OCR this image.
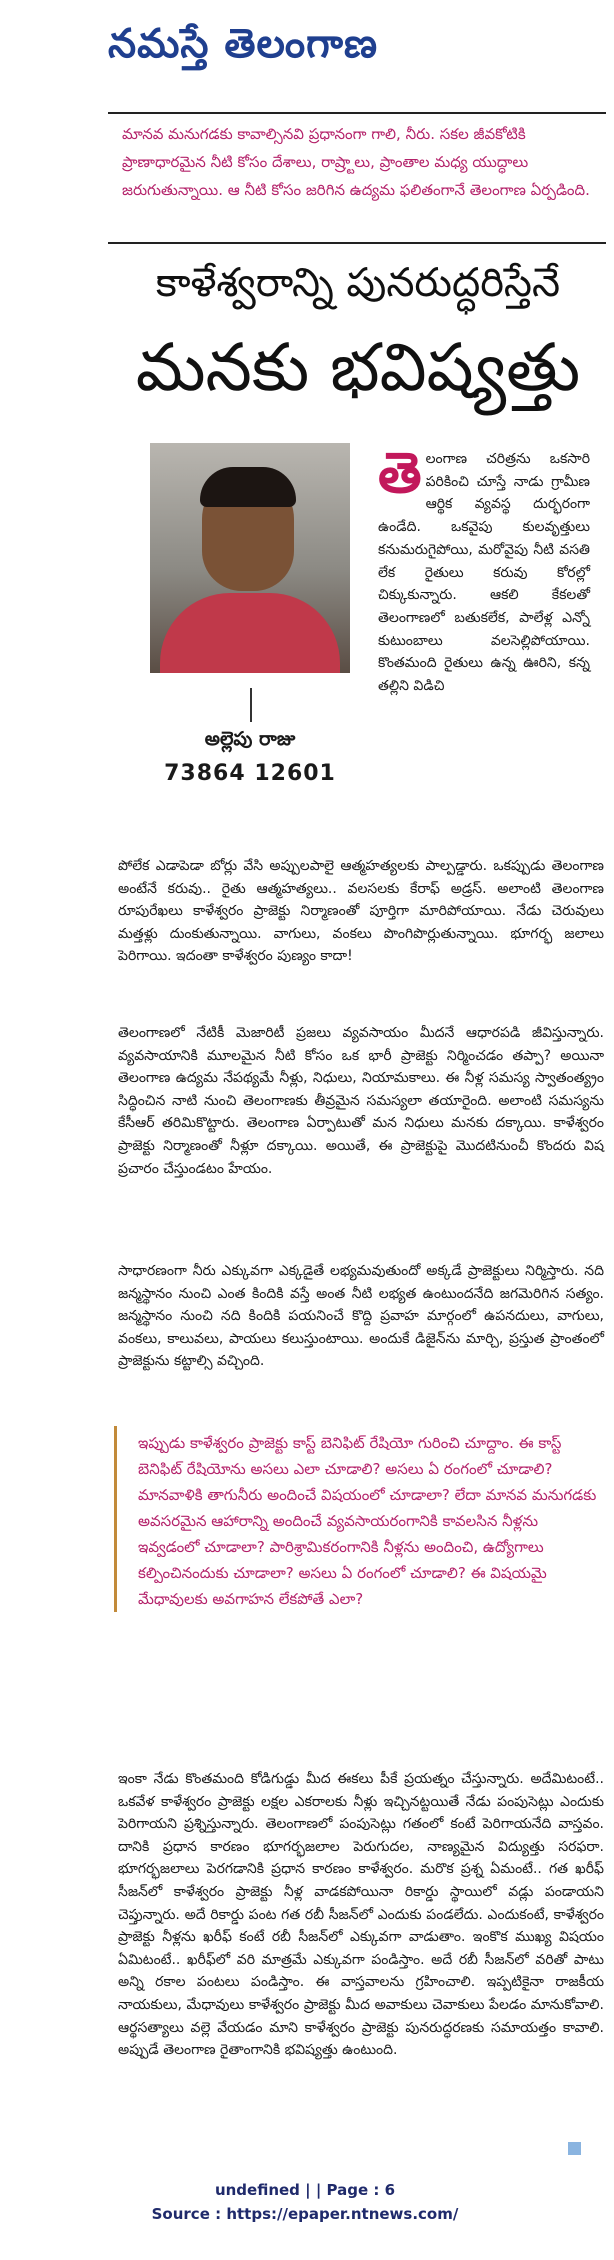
నమస్తే తెలంగాణ
మానవ మనుగడకు కావాల్సినవి ప్రధానంగా గాలి, నీరు. సకల జీవకోటికి ప్రాణాధారమైన నీటి కోసం దేశాలు, రాష్ర్టాలు, ప్రాంతాల మధ్య యుద్ధాలు జరుగుతున్నాయి. ఆ నీటి కోసం జరిగిన ఉద్యమ ఫలితంగానే తెలంగాణ ఏర్పడింది.
కాళేశ్వరాన్ని పునరుద్ధరిస్తేనే
మనకు భవిష్యత్తు
అల్లెపు రాజు
73864 12601
తెలంగాణ చరిత్రను ఒకసారి పరికించి చూస్తే నాడు గ్రామీణ ఆర్థిక వ్యవస్థ దుర్భరంగా ఉండేది. ఒకవైపు కులవృత్తులు కనుమరుగైపోయి, మరోవైపు నీటి వసతి లేక రైతులు కరువు కోరల్లో చిక్కుకున్నారు. ఆకలి కేకలతో తెలంగాణలో బతుకలేక, పాలేళ్ల ఎన్నో కుటుంబాలు వలసెల్లిపోయాయి. కొంతమంది రైతులు ఉన్న ఊరిని, కన్న తల్లిని విడిచి
పోలేక ఎడాపెడా బోర్లు వేసి అప్పులపాలై ఆత్మహత్యలకు పాల్పడ్డారు. ఒకప్పుడు తెలంగాణ అంటేనే కరువు.. రైతు ఆత్మహత్యలు.. వలసలకు కేరాఫ్ అడ్రస్. అలాంటి తెలంగాణ రూపురేఖలు కాళేశ్వరం ప్రాజెక్టు నిర్మాణంతో పూర్తిగా మారిపోయాయి. నేడు చెరువులు మత్తళ్లు దుంకుతున్నాయి. వాగులు, వంకలు పొంగిపొర్లుతున్నాయి. భూగర్భ జలాలు పెరిగాయి. ఇదంతా కాళేశ్వరం పుణ్యం కాదా!
తెలంగాణలో నేటికీ మెజారిటీ ప్రజలు వ్యవసాయం మీదనే ఆధారపడి జీవిస్తున్నారు. వ్యవసాయానికి మూలమైన నీటి కోసం ఒక భారీ ప్రాజెక్టు నిర్మించడం తప్పా? అయినా తెలంగాణ ఉద్యమ నేపథ్యమే నీళ్లు, నిధులు, నియామకాలు. ఈ నీళ్ల సమస్య స్వాతంత్య్రం సిద్ధించిన నాటి నుంచి తెలంగాణకు తీవ్రమైన సమస్యలా తయారైంది. అలాంటి సమస్యను కేసీఆర్ తరిమికొట్టారు. తెలంగాణ ఏర్పాటుతో మన నిధులు మనకు దక్కాయి. కాళేశ్వరం ప్రాజెక్టు నిర్మాణంతో నీళ్లూ దక్కాయి. అయితే, ఈ ప్రాజెక్టుపై మొదటినుంచీ కొందరు విష ప్రచారం చేస్తుండటం హేయం.
సాధారణంగా నీరు ఎక్కువగా ఎక్కడైతే లభ్యమవుతుందో అక్కడే ప్రాజెక్టులు నిర్మిస్తారు. నది జన్మస్థానం నుంచి ఎంత కిందికి వస్తే అంత నీటి లభ్యత ఉంటుందనేది జగమెరిగిన సత్యం. జన్మస్థానం నుంచి నది కిందికి పయనించే కొద్ది ప్రవాహ మార్గంలో ఉపనదులు, వాగులు, వంకలు, కాలువలు, పాయలు కలుస్తుంటాయి. అందుకే డిజైన్‌ను మార్చి, ప్రస్తుత ప్రాంతంలో ప్రాజెక్టును కట్టాల్సి వచ్చింది.
ఇప్పుడు కాళేశ్వరం ప్రాజెక్టు కాస్ట్ బెనిఫిట్ రేషియో గురించి చూద్దాం. ఈ కాస్ట్ బెనిఫిట్ రేషియోను అసలు ఎలా చూడాలి? అసలు ఏ రంగంలో చూడాలి? మానవాళికి తాగునీరు అందించే విషయంలో చూడాలా? లేదా మానవ మనుగడకు అవసరమైన ఆహారాన్ని అందించే వ్యవసాయరంగానికి కావలసిన నీళ్లను ఇవ్వడంలో చూడాలా? పారిశ్రామికరంగానికి నీళ్లను అందించి, ఉద్యోగాలు కల్పించినందుకు చూడాలా? అసలు ఏ రంగంలో చూడాలి? ఈ విషయమై మేధావులకు అవగాహన లేకపోతే ఎలా?
ఇంకా నేడు కొంతమంది కోడిగుడ్డు మీద ఈకలు పీకే ప్రయత్నం చేస్తున్నారు. అదేమిటంటే.. ఒకవేళ కాళేశ్వరం ప్రాజెక్టు లక్షల ఎకరాలకు నీళ్లు ఇచ్చినట్టయితే నేడు పంపుసెట్లు ఎందుకు పెరిగాయని ప్రశ్నిస్తున్నారు. తెలంగాణలో పంపుసెట్లు గతంలో కంటే పెరిగాయనేది వాస్తవం. దానికి ప్రధాన కారణం భూగర్భజలాల పెరుగుదల, నాణ్యమైన విద్యుత్తు సరఫరా. భూగర్భజలాలు పెరగడానికి ప్రధాన కారణం కాళేశ్వరం. మరొక ప్రశ్న ఏమంటే.. గత ఖరీఫ్ సీజన్‌లో కాళేశ్వరం ప్రాజెక్టు నీళ్ల వాడకపోయినా రికార్డు స్థాయిలో వడ్లు పండాయని చెప్తున్నారు. అదే రికార్డు పంట గత రబీ సీజన్‌లో ఎందుకు పండలేదు. ఎందుకంటే, కాళేశ్వరం ప్రాజెక్టు నీళ్లను ఖరీఫ్ కంటే రబీ సీజన్‌లో ఎక్కువగా వాడుతాం. ఇంకొక ముఖ్య విషయం ఏమిటంటే.. ఖరీఫ్‌లో వరి మాత్రమే ఎక్కువగా పండిస్తాం. అదే రబీ సీజన్‌లో వరితో పాటు అన్ని రకాల పంటలు పండిస్తాం. ఈ వాస్తవాలను గ్రహించాలి. ఇప్పటికైనా రాజకీయ నాయకులు, మేధావులు కాళేశ్వరం ప్రాజెక్టు మీద అవాకులు చెవాకులు పేలడం మానుకోవాలి. ఆర్థసత్యాలు వల్లె వేయడం మాని కాళేశ్వరం ప్రాజెక్టు పునరుద్ధరణకు సమాయత్తం కావాలి. అప్పుడే తెలంగాణ రైతాంగానికి భవిష్యత్తు ఉంటుంది.
undefined | | Page : 6
Source : https://epaper.ntnews.com/
